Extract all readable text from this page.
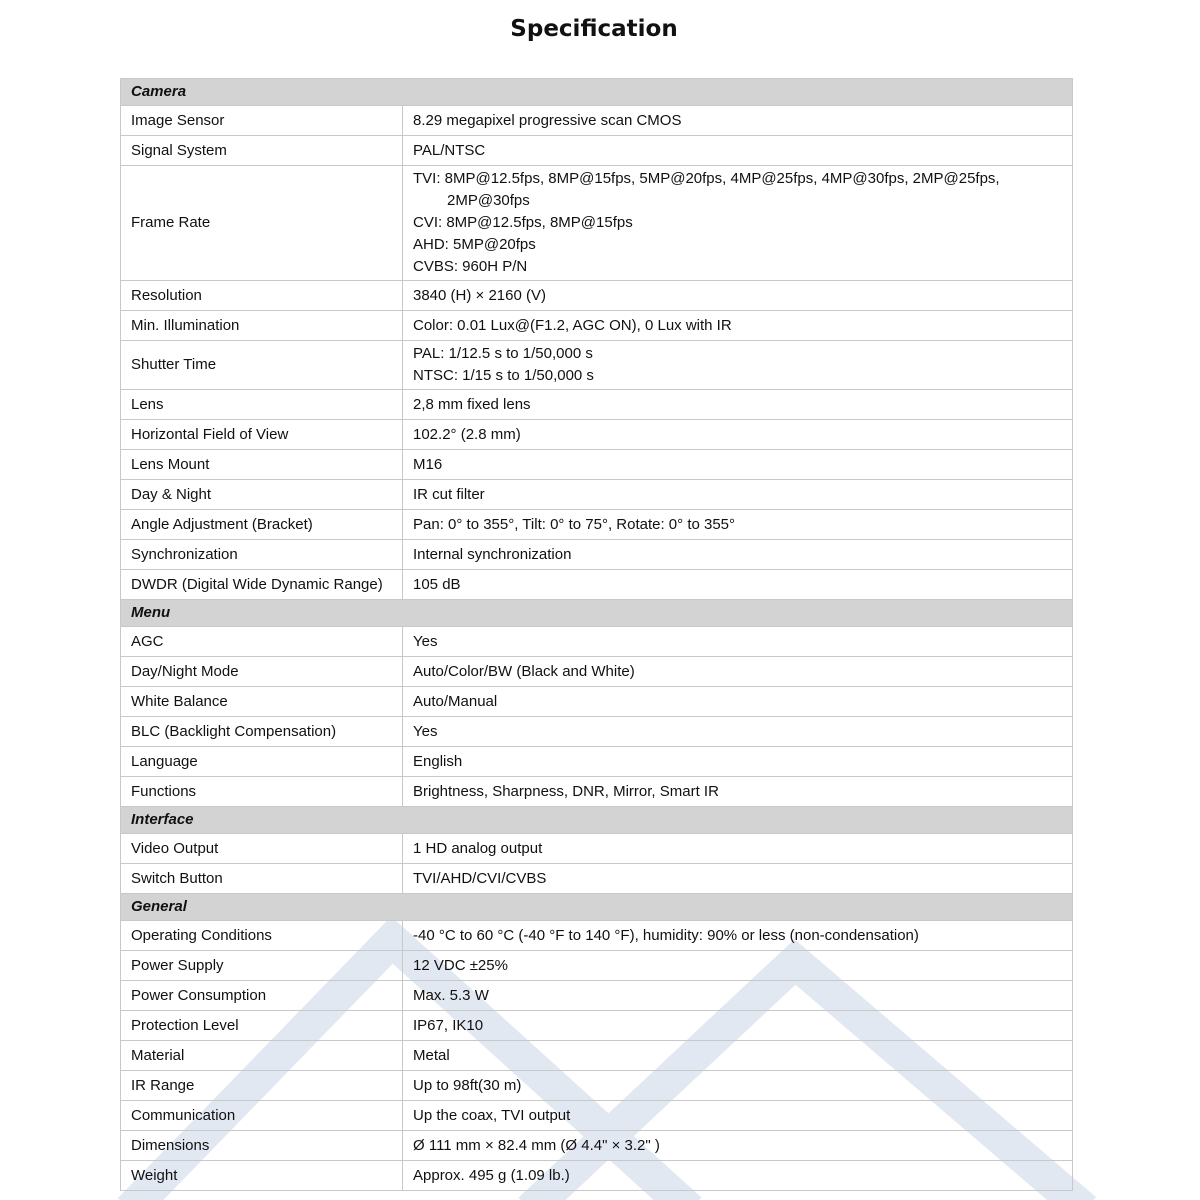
Specification
Camera	
Image Sensor	8.29 megapixel progressive scan CMOS

Signal System	PAL/NTSC

Frame Rate	TVI: 8MP@12.5fps, 8MP@15fps, 5MP@20fps, 4MP@25fps, 4MP@30fps, 2MP@25fps,
2MP@30fps
CVI: 8MP@12.5fps, 8MP@15fps
AHD: 5MP@20fps
CVBS: 960H P/N

Resolution	3840 (H) × 2160 (V)

Min. Illumination	Color: 0.01 Lux@(F1.2, AGC ON), 0 Lux with IR

Shutter Time	PAL: 1/12.5 s to 1/50,000 s
NTSC: 1/15 s to 1/50,000 s

Lens	2,8 mm fixed lens

Horizontal Field of View	102.2° (2.8 mm)

Lens Mount	M16

Day & Night	IR cut filter

Angle Adjustment (Bracket)	Pan: 0° to 355°, Tilt: 0° to 75°, Rotate: 0° to 355°

Synchronization	Internal synchronization

DWDR (Digital Wide Dynamic Range)	105 dB

Menu	
AGC	Yes

Day/Night Mode	Auto/Color/BW (Black and White)

White Balance	Auto/Manual

BLC (Backlight Compensation)	Yes

Language	English

Functions	Brightness, Sharpness, DNR, Mirror, Smart IR

Interface	
Video Output	1 HD analog output

Switch Button	TVI/AHD/CVI/CVBS

General	
Operating Conditions	-40 °C to 60 °C (-40 °F to 140 °F), humidity: 90% or less (non-condensation)

Power Supply	12 VDC ±25%

Power Consumption	Max. 5.3 W

Protection Level	IP67, IK10

Material	Metal

IR Range	Up to 98ft(30 m)

Communication	Up the coax, TVI output

Dimensions	Ø 111 mm × 82.4 mm (Ø 4.4" × 3.2" )

Weight	Approx. 495 g (1.09 lb.)
